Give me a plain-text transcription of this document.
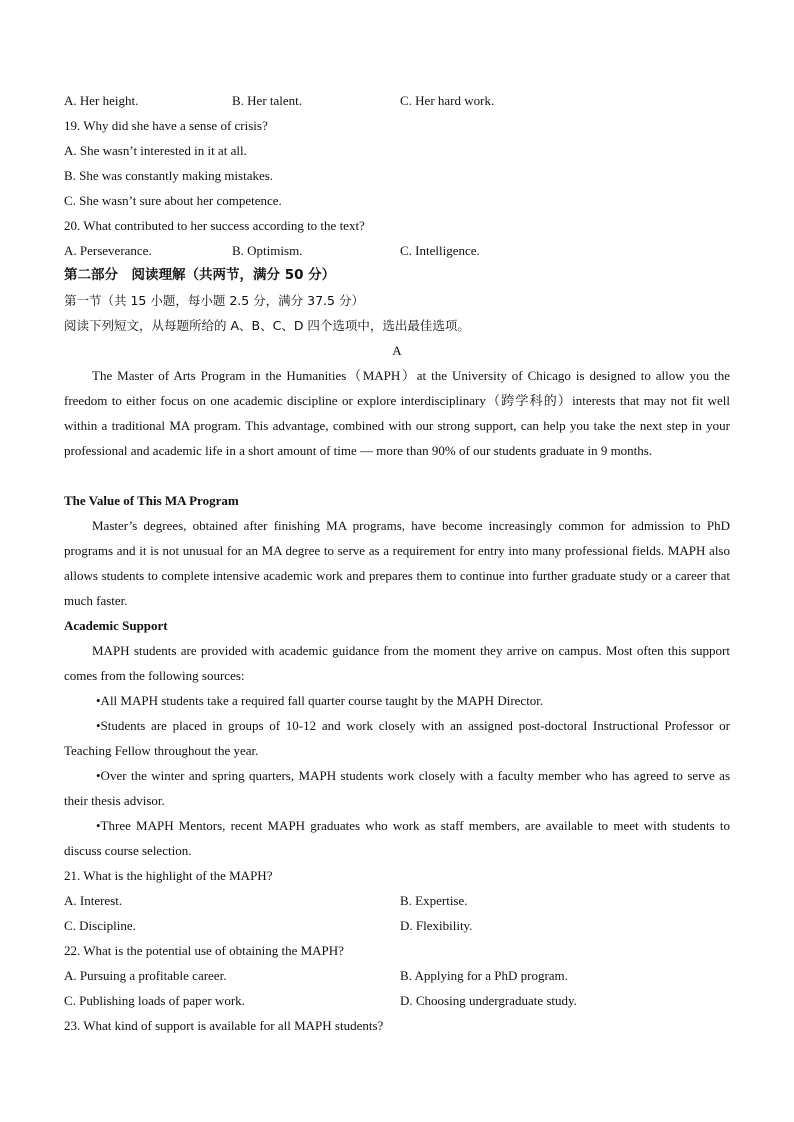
A. Her height.	B. Her talent.	C. Her hard work.
19. Why did she have a sense of crisis?
A. She wasn’t interested in it at all.
B. She was constantly making mistakes.
C. She wasn’t sure about her competence.
20. What contributed to her success according to the text?
A. Perseverance.	B. Optimism.	C. Intelligence.
第二部分　阅读理解（共两节，满分 50 分）
第一节（共 15 小题，每小题 2.5 分，满分 37.5 分）
阅读下列短文，从每题所给的 A、B、C、D 四个选项中，选出最佳选项。
A

The Master of Arts Program in the Humanities（MAPH）at the University of Chicago is designed to allow you the freedom to either focus on one academic discipline or explore interdisciplinary（跨学科的）interests that may not fit well within a traditional MA program. This advantage, combined with our strong support, can help you take the next step in your professional and academic life in a short amount of time — more than 90% of our students graduate in 9 months.

The Value of This MA Program

Master’s degrees, obtained after finishing MA programs, have become increasingly common for admission to PhD programs and it is not unusual for an MA degree to serve as a requirement for entry into many professional fields. MAPH also allows students to complete intensive academic work and prepares them to continue into further graduate study or a career that much faster.

Academic Support

MAPH students are provided with academic guidance from the moment they arrive on campus. Most often this support comes from the following sources:

•All MAPH students take a required fall quarter course taught by the MAPH Director.

•Students are placed in groups of 10-12 and work closely with an assigned post-doctoral Instructional Professor or Teaching Fellow throughout the year.

•Over the winter and spring quarters, MAPH students work closely with a faculty member who has agreed to serve as their thesis advisor.

•Three MAPH Mentors, recent MAPH graduates who work as staff members, are available to meet with students to discuss course selection.

21. What is the highlight of the MAPH?
A. Interest.	B. Expertise.
C. Discipline.	D. Flexibility.
22. What is the potential use of obtaining the MAPH?
A. Pursuing a profitable career.	B. Applying for a PhD program.
C. Publishing loads of paper work.	D. Choosing undergraduate study.
23. What kind of support is available for all MAPH students?
